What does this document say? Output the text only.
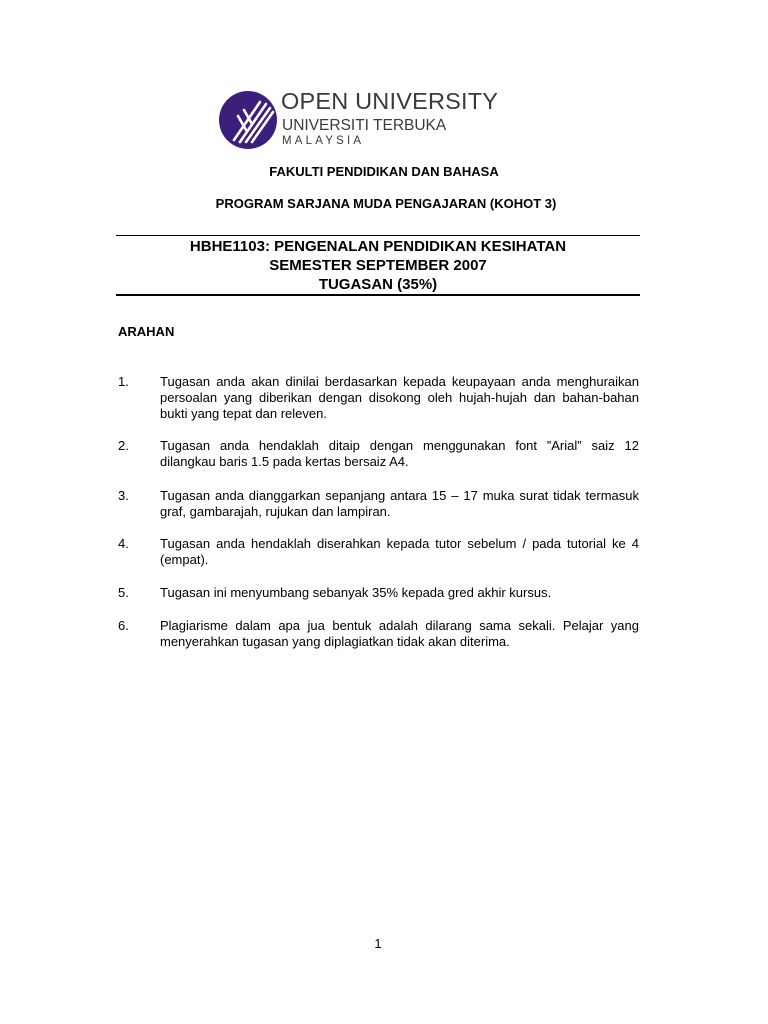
OPEN UNIVERSITY
UNIVERSITI TERBUKA
MALAYSIA
FAKULTI PENDIDIKAN DAN BAHASA
PROGRAM SARJANA MUDA PENGAJARAN (KOHOT 3)
HBHE1103: PENGENALAN PENDIDIKAN KESIHATAN
SEMESTER SEPTEMBER 2007
TUGASAN (35%)
ARAHAN
1. Tugasan anda akan dinilai berdasarkan kepada keupayaan anda menghuraikan persoalan yang diberikan dengan disokong oleh hujah-hujah dan bahan-bahan bukti yang tepat dan releven.
2. Tugasan anda hendaklah ditaip dengan menggunakan font ”Arial” saiz 12 dilangkau baris 1.5 pada kertas bersaiz A4.
3. Tugasan anda dianggarkan sepanjang antara 15 – 17 muka surat tidak termasuk graf, gambarajah, rujukan dan lampiran.
4. Tugasan anda hendaklah diserahkan kepada tutor sebelum / pada tutorial ke 4 (empat).
5. Tugasan ini menyumbang sebanyak 35% kepada gred akhir kursus.
6. Plagiarisme dalam apa jua bentuk adalah dilarang sama sekali. Pelajar yang menyerahkan tugasan yang diplagiatkan tidak akan diterima.
1
